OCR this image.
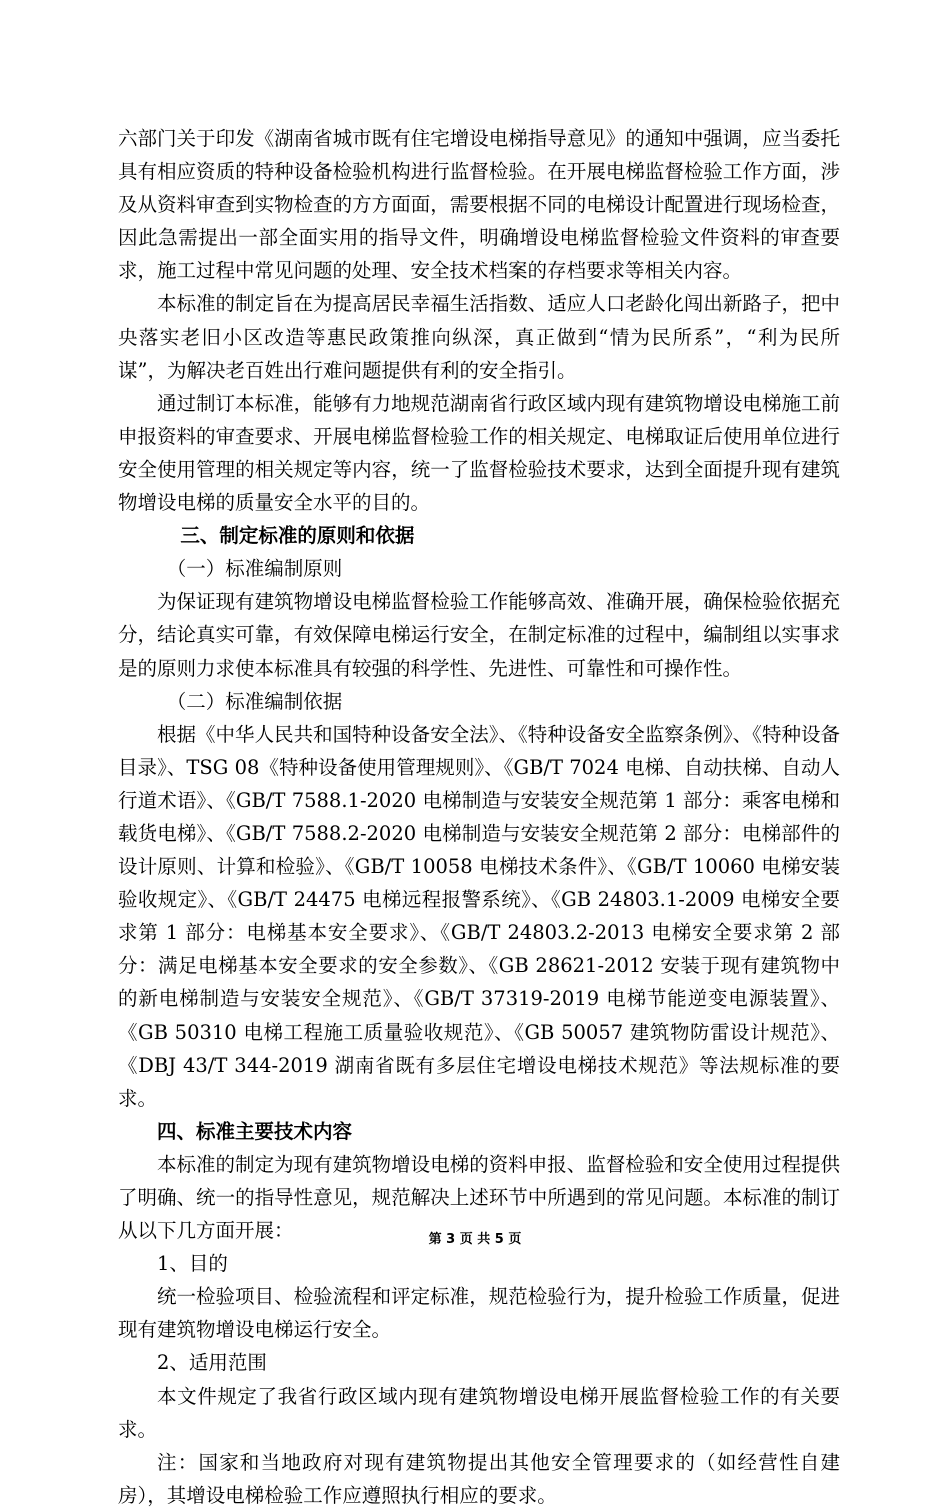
六部门关于印发《湖南省城市既有住宅增设电梯指导意见》的通知中强调，应当委托具有相应资质的特种设备检验机构进行监督检验。在开展电梯监督检验工作方面，涉及从资料审查到实物检查的方方面面，需要根据不同的电梯设计配置进行现场检查，因此急需提出一部全面实用的指导文件，明确增设电梯监督检验文件资料的审查要求，施工过程中常见问题的处理、安全技术档案的存档要求等相关内容。

本标准的制定旨在为提高居民幸福生活指数、适应人口老龄化闯出新路子，把中央落实老旧小区改造等惠民政策推向纵深，真正做到“情为民所系”，“利为民所谋”，为解决老百姓出行难问题提供有利的安全指引。

通过制订本标准，能够有力地规范湖南省行政区域内现有建筑物增设电梯施工前申报资料的审查要求、开展电梯监督检验工作的相关规定、电梯取证后使用单位进行安全使用管理的相关规定等内容，统一了监督检验技术要求，达到全面提升现有建筑物增设电梯的质量安全水平的目的。

三、制定标准的原则和依据

（一）标准编制原则

为保证现有建筑物增设电梯监督检验工作能够高效、准确开展，确保检验依据充分，结论真实可靠，有效保障电梯运行安全，在制定标准的过程中，编制组以实事求是的原则力求使本标准具有较强的科学性、先进性、可靠性和可操作性。

（二）标准编制依据

根据《中华人民共和国特种设备安全法》、《特种设备安全监察条例》、《特种设备目录》、TSG 08《特种设备使用管理规则》、《GB/T 7024 电梯、自动扶梯、自动人行道术语》、《GB/T 7588.1-2020 电梯制造与安装安全规范第 1 部分：乘客电梯和载货电梯》、《GB/T 7588.2-2020 电梯制造与安装安全规范第 2 部分：电梯部件的设计原则、计算和检验》、《GB/T 10058 电梯技术条件》、《GB/T 10060 电梯安装验收规定》、《GB/T 24475 电梯远程报警系统》、《GB 24803.1-2009 电梯安全要求第 1 部分：电梯基本安全要求》、《GB/T 24803.2-2013 电梯安全要求第 2 部分：满足电梯基本安全要求的安全参数》、《GB 28621-2012 安装于现有建筑物中的新电梯制造与安装安全规范》、《GB/T 37319-2019 电梯节能逆变电源装置》、《GB 50310 电梯工程施工质量验收规范》、《GB 50057 建筑物防雷设计规范》、《DBJ 43/T 344-2019 湖南省既有多层住宅增设电梯技术规范》等法规标准的要求。

四、标准主要技术内容

本标准的制定为现有建筑物增设电梯的资料申报、监督检验和安全使用过程提供了明确、统一的指导性意见，规范解决上述环节中所遇到的常见问题。本标准的制订从以下几方面开展：

1、目的

统一检验项目、检验流程和评定标准，规范检验行为，提升检验工作质量，促进现有建筑物增设电梯运行安全。

2、适用范围

本文件规定了我省行政区域内现有建筑物增设电梯开展监督检验工作的有关要求。

注：国家和当地政府对现有建筑物提出其他安全管理要求的（如经营性自建房），其增设电梯检验工作应遵照执行相应的要求。

第 3 页 共 5 页
